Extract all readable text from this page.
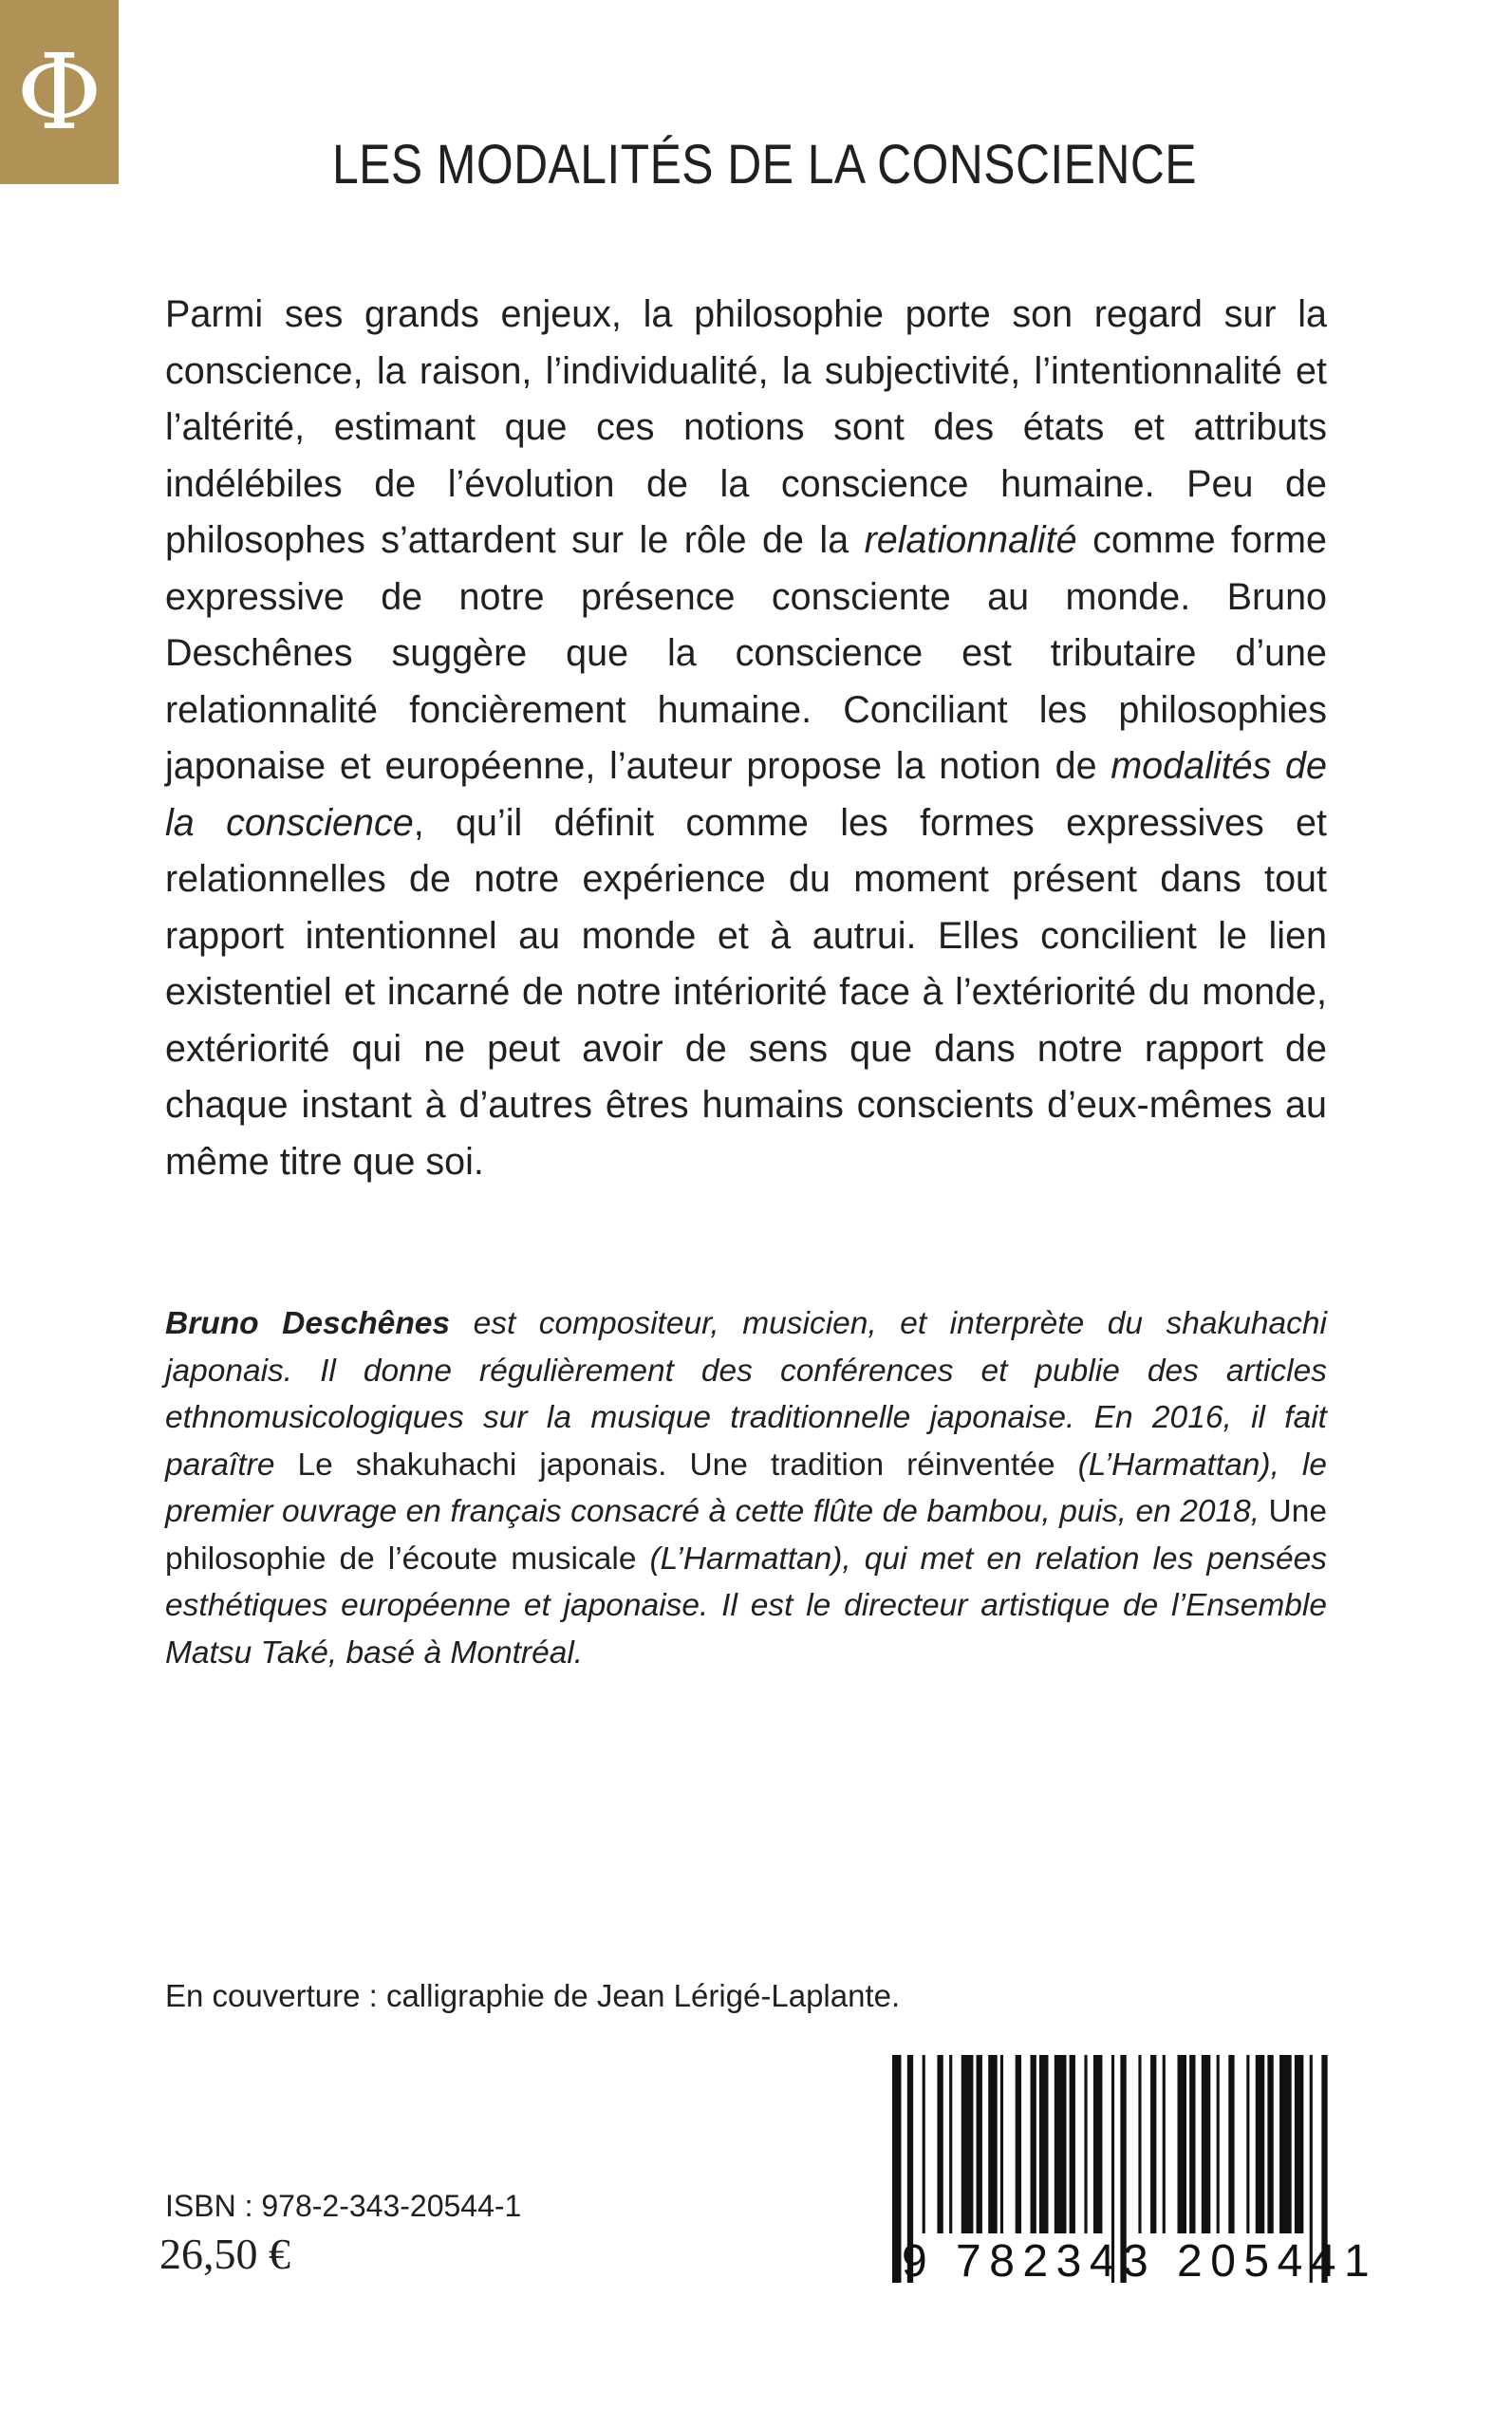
Φ
LES MODALITÉS DE LA CONSCIENCE

Parmi ses grands enjeux, la philosophie porte son regard sur la conscience, la raison, l’individualité, la subjectivité, l’intentionnalité et l’altérité, estimant que ces notions sont des états et attributs indélébiles de l’évolution de la conscience humaine. Peu de philosophes s’attardent sur le rôle de la relationnalité comme forme expressive de notre présence consciente au monde. Bruno Deschênes suggère que la conscience est tributaire d’une relationnalité foncièrement humaine. Conciliant les philosophies japonaise et européenne, l’auteur propose la notion de modalités de la conscience, qu’il définit comme les formes expressives et relationnelles de notre expérience du moment présent dans tout rapport intentionnel au monde et à autrui. Elles concilient le lien existentiel et incarné de notre intériorité face à l’extériorité du monde, extériorité qui ne peut avoir de sens que dans notre rapport de chaque instant à d’autres êtres humains conscients d’eux-mêmes au même titre que soi.

Bruno Deschênes est compositeur, musicien, et interprète du shakuhachi japonais. Il donne régulièrement des conférences et publie des articles ethnomusicologiques sur la musique traditionnelle japonaise. En 2016, il fait paraître Le shakuhachi japonais. Une tradition réinventée (L’Harmattan), le premier ouvrage en français consacré à cette flûte de bambou, puis, en 2018, Une philosophie de l’écoute musicale (L’Harmattan), qui met en relation les pensées esthétiques européenne et japonaise. Il est le directeur artistique de l’Ensemble Matsu Také, basé à Montréal.

En couverture : calligraphie de Jean Lérigé-Laplante.
ISBN : 978-2-343-20544-1
26,50 €	9 782343 205441
